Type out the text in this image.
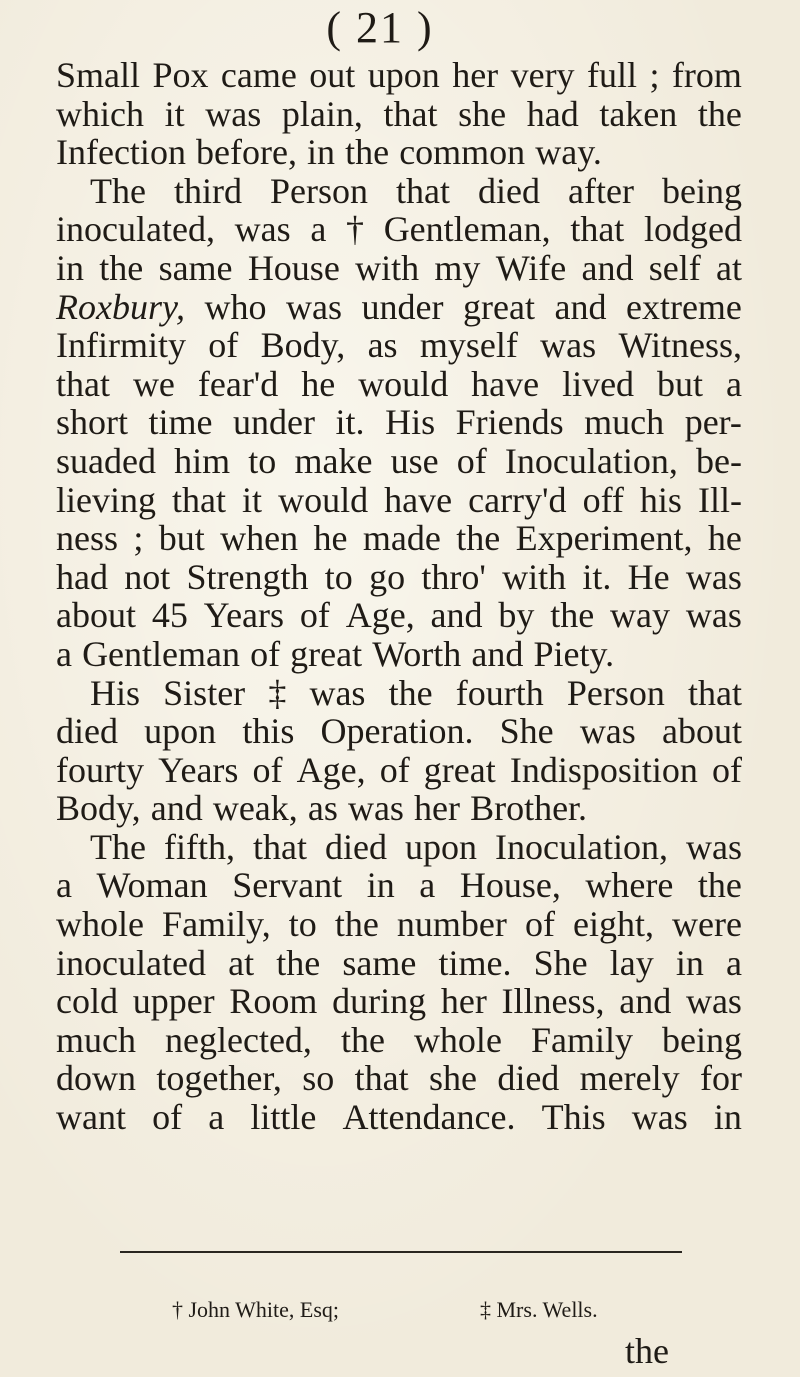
( 21 )
Small Pox came out upon her very full ; from
which it was plain, that she had taken the
Infection before, in the common way.
The third Person that died after being
inoculated, was a † Gentleman, that lodged
in the same House with my Wife and self at
Roxbury, who was under great and extreme
Infirmity of Body, as myself was Witness,
that we fear'd he would have lived but a
short time under it. His Friends much per-
suaded him to make use of Inoculation, be-
lieving that it would have carry'd off his Ill-
ness ; but when he made the Experiment, he
had not Strength to go thro' with it. He was
about 45 Years of Age, and by the way was
a Gentleman of great Worth and Piety.
His Sister ‡ was the fourth Person that
died upon this Operation. She was about
fourty Years of Age, of great Indisposition of
Body, and weak, as was her Brother.
The fifth, that died upon Inoculation, was
a Woman Servant in a House, where the
whole Family, to the number of eight, were
inoculated at the same time. She lay in a
cold upper Room during her Illness, and was
much neglected, the whole Family being
down together, so that she died merely for
want of a little Attendance. This was in
† John White, Esq;	‡ Mrs. Wells.
the
